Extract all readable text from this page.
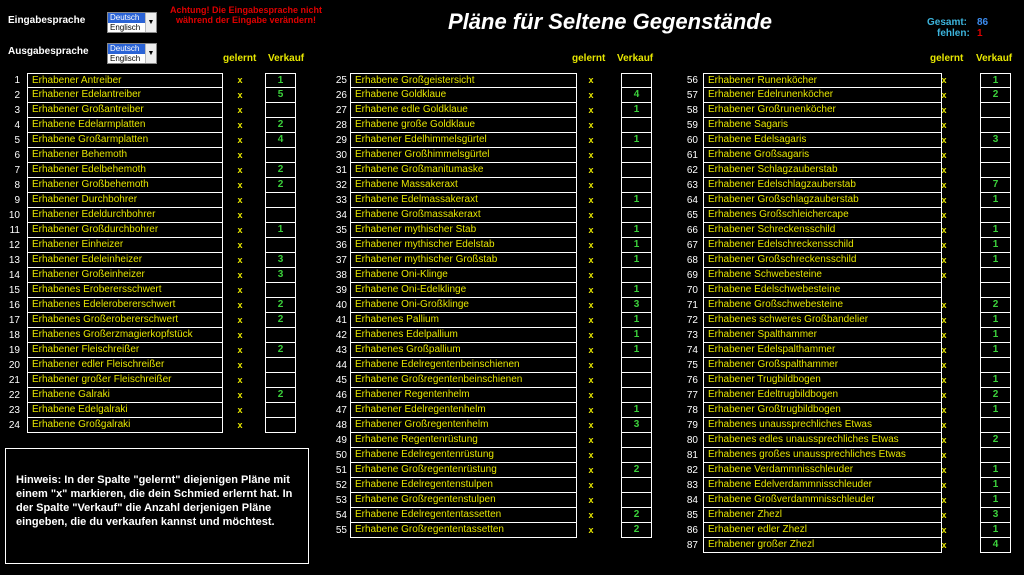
Eingabesprache	Deutsch
Englisch
▼
Ausgabesprache	Deutsch
Englisch
▼
Achtung! Die Eingabesprache nicht während der Eingabe verändern!	Pläne für Seltene Gegenstände	Gesamt: 86
fehlen: 1
gelernt Verkauf	gelernt Verkauf	gelernt Verkauf
1	Erhabener Antreiber	x	1
2	Erhabener Edelantreiber	x	5
3	Erhabener Großantreiber	x
4	Erhabene Edelarmplatten	x	2
5	Erhabene Großarmplatten	x	4
6	Erhabener Behemoth	x
7	Erhabener Edelbehemoth	x	2
8	Erhabener Großbehemoth	x	2
9	Erhabener Durchbohrer	x
10	Erhabener Edeldurchbohrer	x
11	Erhabener Großdurchbohrer	x	1
12	Erhabener Einheizer	x
13	Erhabener Edeleinheizer	x	3
14	Erhabener Großeinheizer	x	3
15	Erhabenes Eroberersschwert	x
16	Erhabenes Edelerobererschwert	x	2
17	Erhabenes Großerobererschwert	x	2
18	Erhabenes Großerzmagierkopfstück	x
19	Erhabener Fleischreißer	x	2
20	Erhabener edler Fleischreißer	x
21	Erhabener großer Fleischreißer	x
22	Erhabene Galraki	x	2
23	Erhabene Edelgalraki	x
24	Erhabene Großgalraki	x
25 Erhabene Großgeistersicht	x
26 Erhabene Goldklaue	x	4
27 Erhabene edle Goldklaue	x	1
28 Erhabene große Goldklaue	x
29 Erhabener Edelhimmelsgürtel	x	1
30 Erhabener Großhimmelsgürtel	x
31 Erhabene Großmanitumaske	x
32 Erhabene Massakeraxt	x
33 Erhabene Edelmassakeraxt	x	1
34 Erhabene Großmassakeraxt	x
35 Erhabener mythischer Stab	x	1
36 Erhabener mythischer Edelstab	x	1
37 Erhabener mythischer Großstab	x	1
38 Erhabene Oni-Klinge	x
39 Erhabene Oni-Edelklinge	x	1
40 Erhabene Oni-Großklinge	x	3
41 Erhabenes Pallium	x	1
42 Erhabenes Edelpallium	x	1
43 Erhabenes Großpallium	x	1
44 Erhabene Edelregentenbeinschienen	x
45 Erhabene Großregentenbeinschienen	x
46 Erhabener Regentenhelm	x
47 Erhabener Edelregentenhelm	x	1
48 Erhabener Großregentenhelm	x	3
49 Erhabene Regentenrüstung	x
50 Erhabene Edelregentenrüstung	x
51 Erhabene Großregentenrüstung	x	2
52 Erhabene Edelregentenstulpen	x
53 Erhabene Großregentenstulpen	x
54 Erhabene Edelregententassetten	x	2
55 Erhabene Großregententassetten	x	2
56	Erhabener Runenköcher	x	1
57	Erhabener Edelrunenköcher	x	2
58	Erhabener Großrunenköcher	x
59	Erhabene Sagaris	x
60	Erhabene Edelsagaris	x	3
61	Erhabene Großsagaris	x
62	Erhabener Schlagzauberstab	x
63	Erhabener Edelschlagzauberstab	x	7
64	Erhabener Großschlagzauberstab	x	1
65	Erhabenes Großschleichercape	x
66	Erhabener Schreckensschild	x	1
67	Erhabener Edelschreckensschild	x	1
68	Erhabener Großschreckensschild	x	1
69	Erhabene Schwebesteine	x
70	Erhabene Edelschwebesteine
71	Erhabene Großschwebesteine	x	2
72	Erhabenes schweres Großbandelier	x	1
73	Erhabener Spalthammer	x	1
74	Erhabener Edelspalthammer	x	1
75	Erhabener Großspalthammer	x
76	Erhabener Trugbildbogen	x	1
77	Erhabener Edeltrugbildbogen	x	2
78	Erhabener Großtrugbildbogen	x	1
79	Erhabenes unaussprechliches Etwas	x
80	Erhabenes edles unaussprechliches Etwas	x	2
81	Erhabenes großes unaussprechliches Etwas	x
82	Erhabene Verdammnisschleuder	x	1
83	Erhabene Edelverdammnisschleuder	x	1
84	Erhabene Großverdammnisschleuder	x	1
85	Erhabener Zhezl	x	3
86	Erhabener edler Zhezl	x	1
87	Erhabener großer Zhezl	x	4
Hinweis: In der Spalte "gelernt" diejenigen Pläne mit einem "x" markieren, die dein Schmied erlernt hat. In der Spalte "Verkauf" die Anzahl derjenigen Pläne eingeben, die du verkaufen kannst und möchtest.
